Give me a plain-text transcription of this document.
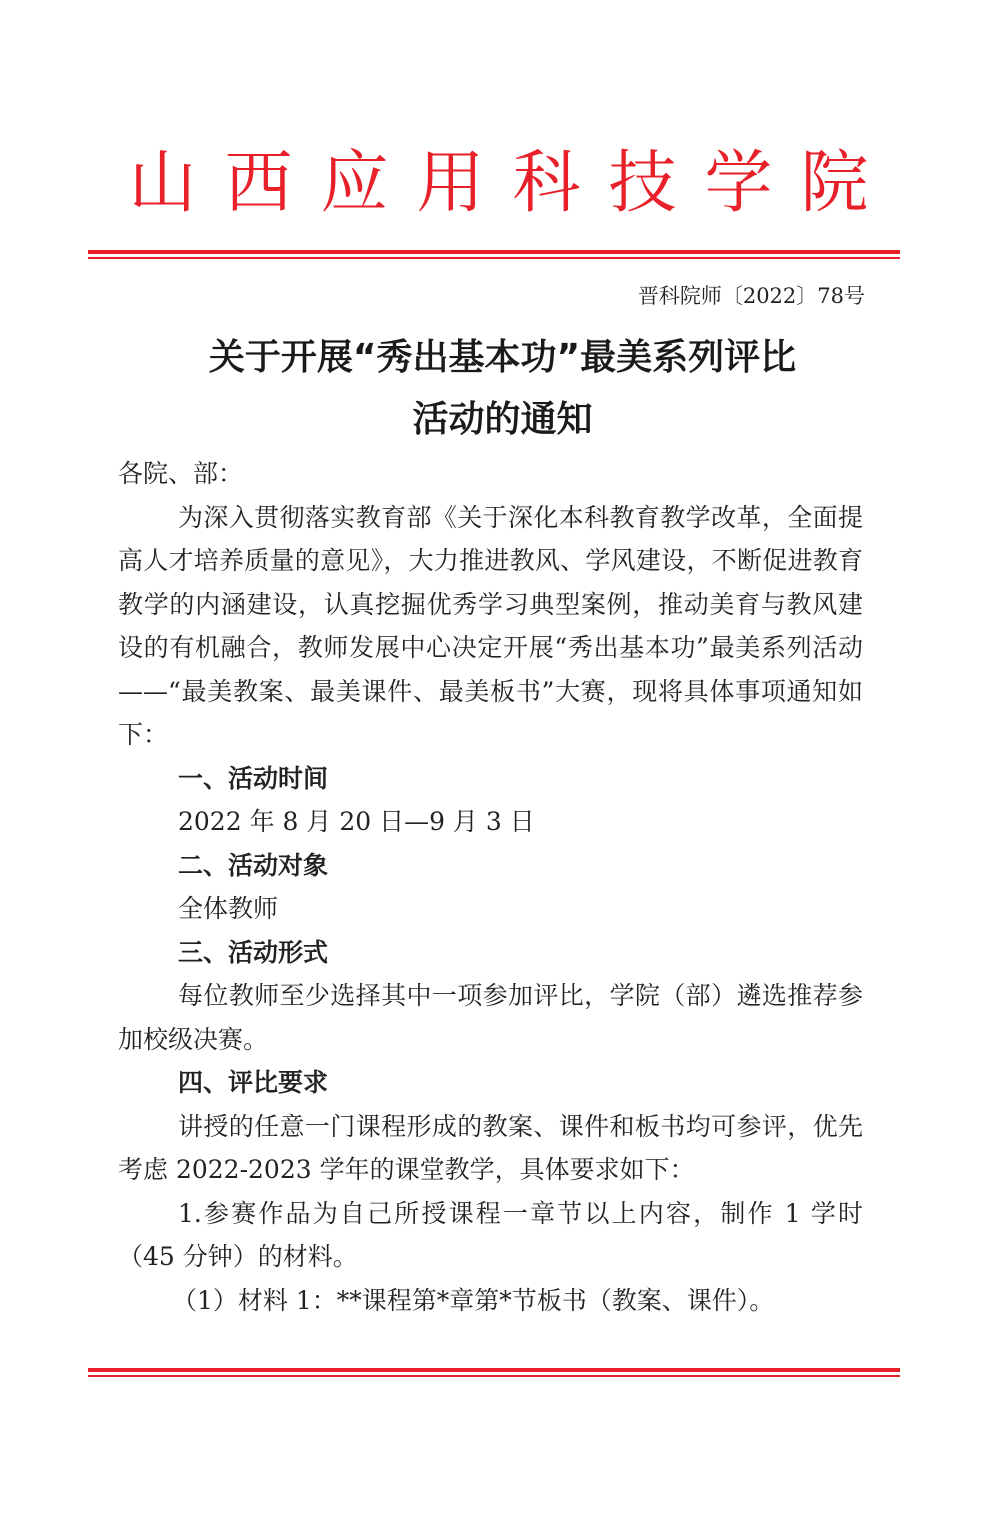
山西应用科技学院
晋科院师〔2022〕78号
关于开展“秀出基本功”最美系列评比
活动的通知

各院、部：

为深入贯彻落实教育部《关于深化本科教育教学改革，全面提高人才培养质量的意见》，大力推进教风、学风建设，不断促进教育教学的内涵建设，认真挖掘优秀学习典型案例，推动美育与教风建设的有机融合，教师发展中心决定开展“秀出基本功”最美系列活动——“最美教案、最美课件、最美板书”大赛，现将具体事项通知如下：

一、活动时间

2022 年 8 月 20 日—9 月 3 日

二、活动对象

全体教师

三、活动形式

每位教师至少选择其中一项参加评比，学院（部）遴选推荐参加校级决赛。

四、评比要求

讲授的任意一门课程形成的教案、课件和板书均可参评，优先考虑 2022-2023 学年的课堂教学，具体要求如下：

1.参赛作品为自己所授课程一章节以上内容，制作 1 学时（45 分钟）的材料。

（1）材料 1：**课程第*章第*节板书（教案、课件）。
